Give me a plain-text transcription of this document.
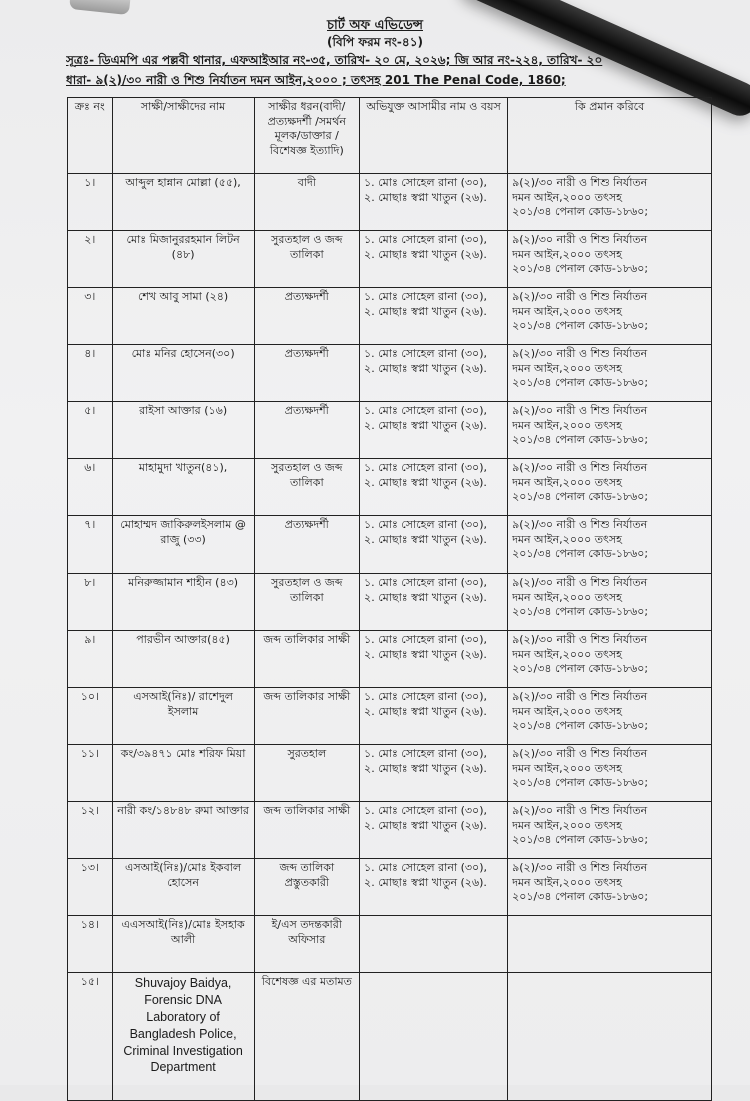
চার্ট অফ এভিডেন্স
(বিপি ফরম নং-৪১)
সূত্রঃ- ডিএমপি এর পল্লবী থানার, এফআইআর নং-৩৫, তারিখ- ২০ মে, ২০২৬; জি আর নং-২২৪, তারিখ- ২০
ধারা- ৯(২)/৩০ নারী ও শিশু নির্যাতন দমন আইন,২০০০ ; তৎসহ 201 The Penal Code, 1860;
ক্রঃ নং	সাক্ষী/সাক্ষীদের নাম	সাক্ষীর ধরন(বাদী/প্রত্যক্ষদর্শী /সমর্থন মূলক/ডাক্তার / বিশেষজ্ঞ ইত্যাদি)	অভিযুক্ত আসামীর নাম ও বয়স	কি প্রমান করিবে
১।	আব্দুল হান্নান মোল্লা (৫৫),	বাদী	১. মোঃ সোহেল রানা (৩০),
২. মোছাঃ স্বপ্না খাতুন (২৬).	৯(২)/৩০ নারী ও শিশু নির্যাতন
দমন আইন,২০০০ তৎসহ
২০১/৩৪ পেনাল কোড-১৮৬০;

২।	মোঃ মিজানুররহমান লিটন (৪৮)	সুরতহাল ও জব্দ তালিকা	১. মোঃ সোহেল রানা (৩০),
২. মোছাঃ স্বপ্না খাতুন (২৬).	৯(২)/৩০ নারী ও শিশু নির্যাতন
দমন আইন,২০০০ তৎসহ
২০১/৩৪ পেনাল কোড-১৮৬০;

৩।	শেখ আবু সামা (২৪)	প্রত্যক্ষদর্শী	১. মোঃ সোহেল রানা (৩০),
২. মোছাঃ স্বপ্না খাতুন (২৬).	৯(২)/৩০ নারী ও শিশু নির্যাতন
দমন আইন,২০০০ তৎসহ
২০১/৩৪ পেনাল কোড-১৮৬০;

৪।	মোঃ মনির হোসেন(৩০)	প্রত্যক্ষদর্শী	১. মোঃ সোহেল রানা (৩০),
২. মোছাঃ স্বপ্না খাতুন (২৬).	৯(২)/৩০ নারী ও শিশু নির্যাতন
দমন আইন,২০০০ তৎসহ
২০১/৩৪ পেনাল কোড-১৮৬০;

৫।	রাইসা আক্তার (১৬)	প্রত্যক্ষদর্শী	১. মোঃ সোহেল রানা (৩০),
২. মোছাঃ স্বপ্না খাতুন (২৬).	৯(২)/৩০ নারী ও শিশু নির্যাতন
দমন আইন,২০০০ তৎসহ
২০১/৩৪ পেনাল কোড-১৮৬০;

৬।	মাহামুদা খাতুন(৪১),	সুরতহাল ও জব্দ তালিকা	১. মোঃ সোহেল রানা (৩০),
২. মোছাঃ স্বপ্না খাতুন (২৬).	৯(২)/৩০ নারী ও শিশু নির্যাতন
দমন আইন,২০০০ তৎসহ
২০১/৩৪ পেনাল কোড-১৮৬০;

৭।	মোহাম্মদ জাকিরুলইসলাম @ রাজু (৩৩)	প্রত্যক্ষদর্শী	১. মোঃ সোহেল রানা (৩০),
২. মোছাঃ স্বপ্না খাতুন (২৬).	৯(২)/৩০ নারী ও শিশু নির্যাতন
দমন আইন,২০০০ তৎসহ
২০১/৩৪ পেনাল কোড-১৮৬০;

৮।	মনিরুজ্জামান শাহীন (৪৩)	সুরতহাল ও জব্দ তালিকা	১. মোঃ সোহেল রানা (৩০),
২. মোছাঃ স্বপ্না খাতুন (২৬).	৯(২)/৩০ নারী ও শিশু নির্যাতন
দমন আইন,২০০০ তৎসহ
২০১/৩৪ পেনাল কোড-১৮৬০;

৯।	পারভীন আক্তার(৪৫)	জব্দ তালিকার সাক্ষী	১. মোঃ সোহেল রানা (৩০),
২. মোছাঃ স্বপ্না খাতুন (২৬).	৯(২)/৩০ নারী ও শিশু নির্যাতন
দমন আইন,২০০০ তৎসহ
২০১/৩৪ পেনাল কোড-১৮৬০;

১০।	এসআই(নিঃ)/ রাশেদুল ইসলাম	জব্দ তালিকার সাক্ষী	১. মোঃ সোহেল রানা (৩০),
২. মোছাঃ স্বপ্না খাতুন (২৬).	৯(২)/৩০ নারী ও শিশু নির্যাতন
দমন আইন,২০০০ তৎসহ
২০১/৩৪ পেনাল কোড-১৮৬০;

১১।	কং/৩৯৪৭১ মোঃ শরিফ মিয়া	সুরতহাল	১. মোঃ সোহেল রানা (৩০),
২. মোছাঃ স্বপ্না খাতুন (২৬).	৯(২)/৩০ নারী ও শিশু নির্যাতন
দমন আইন,২০০০ তৎসহ
২০১/৩৪ পেনাল কোড-১৮৬০;

১২।	নারী কং/১৪৮৪৮ রুমা আক্তার	জব্দ তালিকার সাক্ষী	১. মোঃ সোহেল রানা (৩০),
২. মোছাঃ স্বপ্না খাতুন (২৬).	৯(২)/৩০ নারী ও শিশু নির্যাতন
দমন আইন,২০০০ তৎসহ
২০১/৩৪ পেনাল কোড-১৮৬০;

১৩।	এসআই(নিঃ)/মোঃ ইকবাল হোসেন	জব্দ তালিকা প্রস্তুতকারী	১. মোঃ সোহেল রানা (৩০),
২. মোছাঃ স্বপ্না খাতুন (২৬).	৯(২)/৩০ নারী ও শিশু নির্যাতন
দমন আইন,২০০০ তৎসহ
২০১/৩৪ পেনাল কোড-১৮৬০;

১৪।	এএসআই(নিঃ)/মোঃ ইসহাক আলী	ই/এস তদন্তকারী অফিসার	

১৫।	Shuvajoy Baidya, Forensic DNA Laboratory of Bangladesh Police, Criminal Investigation Department	বিশেষজ্ঞ এর মতামত	
